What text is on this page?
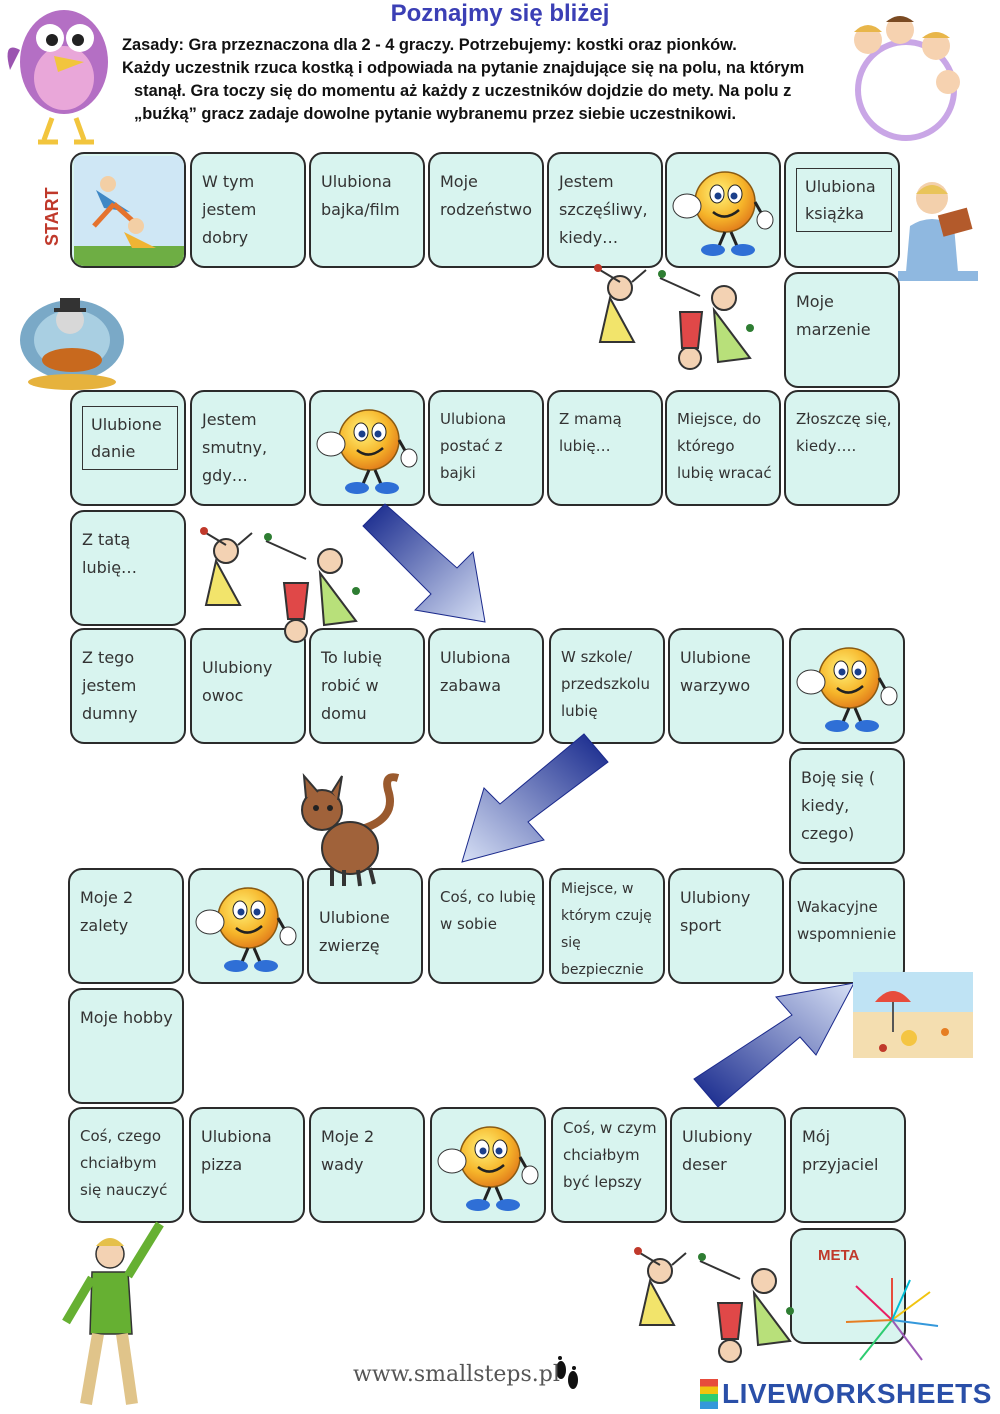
Poznajmy się bliżej
Zasady: Gra przeznaczona dla 2 - 4 graczy. Potrzebujemy: kostki oraz pionków.
Każdy uczestnik rzuca kostką i odpowiada na pytanie znajdujące się na polu, na którym
stanął. Gra toczy się do momentu aż każdy z uczestników dojdzie do mety. Na polu z
„buźką” gracz zadaje dowolne pytanie wybranemu przez siebie uczestnikowi.
W tym jestem dobry
Ulubiona bajka/film
Moje rodzeństwo
Jestem szczęśliwy, kiedy…
Ulubiona książka
Moje marzenie
Ulubione danie
Jestem smutny, gdy…
Ulubiona postać z bajki
Z mamą lubię…
Miejsce, do którego lubię wracać
Złoszczę się, kiedy….
Z tatą lubię…
Z tego jestem dumny
Ulubiony owoc
To lubię robić w domu
Ulubiona zabawa
W szkole/ przedszkolu lubię
Ulubione warzywo
Boję się ( kiedy, czego)
Moje 2 zalety	Ulubione zwierzę
Coś, co lubię w sobie
Miejsce, w którym czuję się bezpiecznie
Ulubiony sport
Wakacyjne wspomnienie
Moje hobby
Coś, czego chciałbym się nauczyć
Ulubiona pizza
Moje 2 wady
Coś, w czym chciałbym być lepszy
Ulubiony deser
Mój przyjaciel
META
START
www.smallsteps.pl
LIVEWORKSHEETS
